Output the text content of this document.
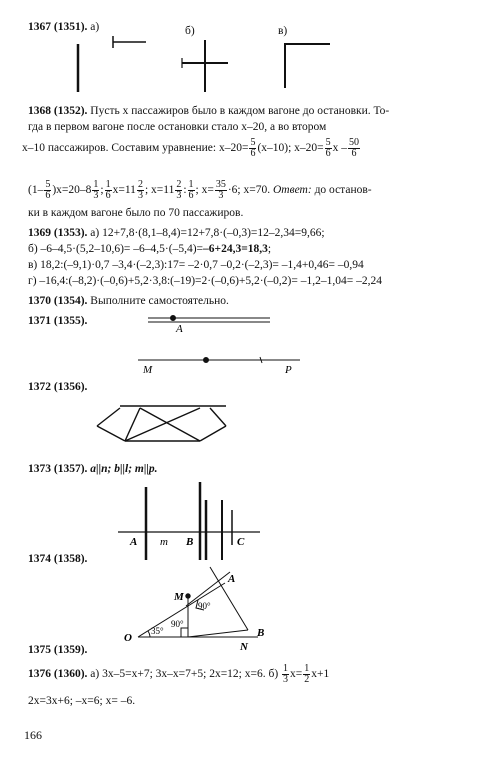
1367 (1351). а)	б)	в)
1368 (1352). Пусть x пассажиров было в каждом вагоне до остановки. То-
гда в первом вагоне после остановки стало x–20, а во втором
x–10 пассажиров. Составим уравнение: $x-20= \frac{5}{6} (x-10)$; $x-20= \frac{5}{6}$ x – $\frac{50}{6}$
$(1- \frac{5}{6} )x=20-8 \frac{1}{3}$ ; $\frac{1}{6} x=11 \frac{2}{3}$ ; $x=11 \frac{2}{3}$ : $\frac{1}{6}$ ; $x= \frac{35}{3} \cdot 6$; x=70. Ответ: до останов-
ки в каждом вагоне было по 70 пассажиров.
1369 (1353). а) 12+7,8·(8,1–8,4)=12+7,8·(–0,3)=12–2,34=9,66;
б) –6–4,5·(5,2–10,6)= –6–4,5·(–5,4)=–6+24,3=18,3;
в) 18,2:(–9,1)·0,7 –3,4·(–2,3):17= –2·0,7 –0,2·(–2,3)= –1,4+0,46= –0,94
г) –16,4:(–8,2)·(–0,6)+5,2·3,8:(–19)=2·(–0,6)+5,2·(–0,2)= –1,2–1,04= –2,24
1370 (1354). Выполните самостоятельно.
1371 (1355).
1372 (1356).
1373 (1357). a||n; b||l; m||p.
1374 (1358).
1375 (1359).
1376 (1360). а) 3x–5=x+7; 3x–x=7+5; 2x=12; x=6. $б) \frac{1}{3} x= \frac{1}{2} x+1$
2x=3x+6; –x=6; x= –6.
166
A
M	P
A m B	C
O
M
A
N
B
35°
90°
90°
